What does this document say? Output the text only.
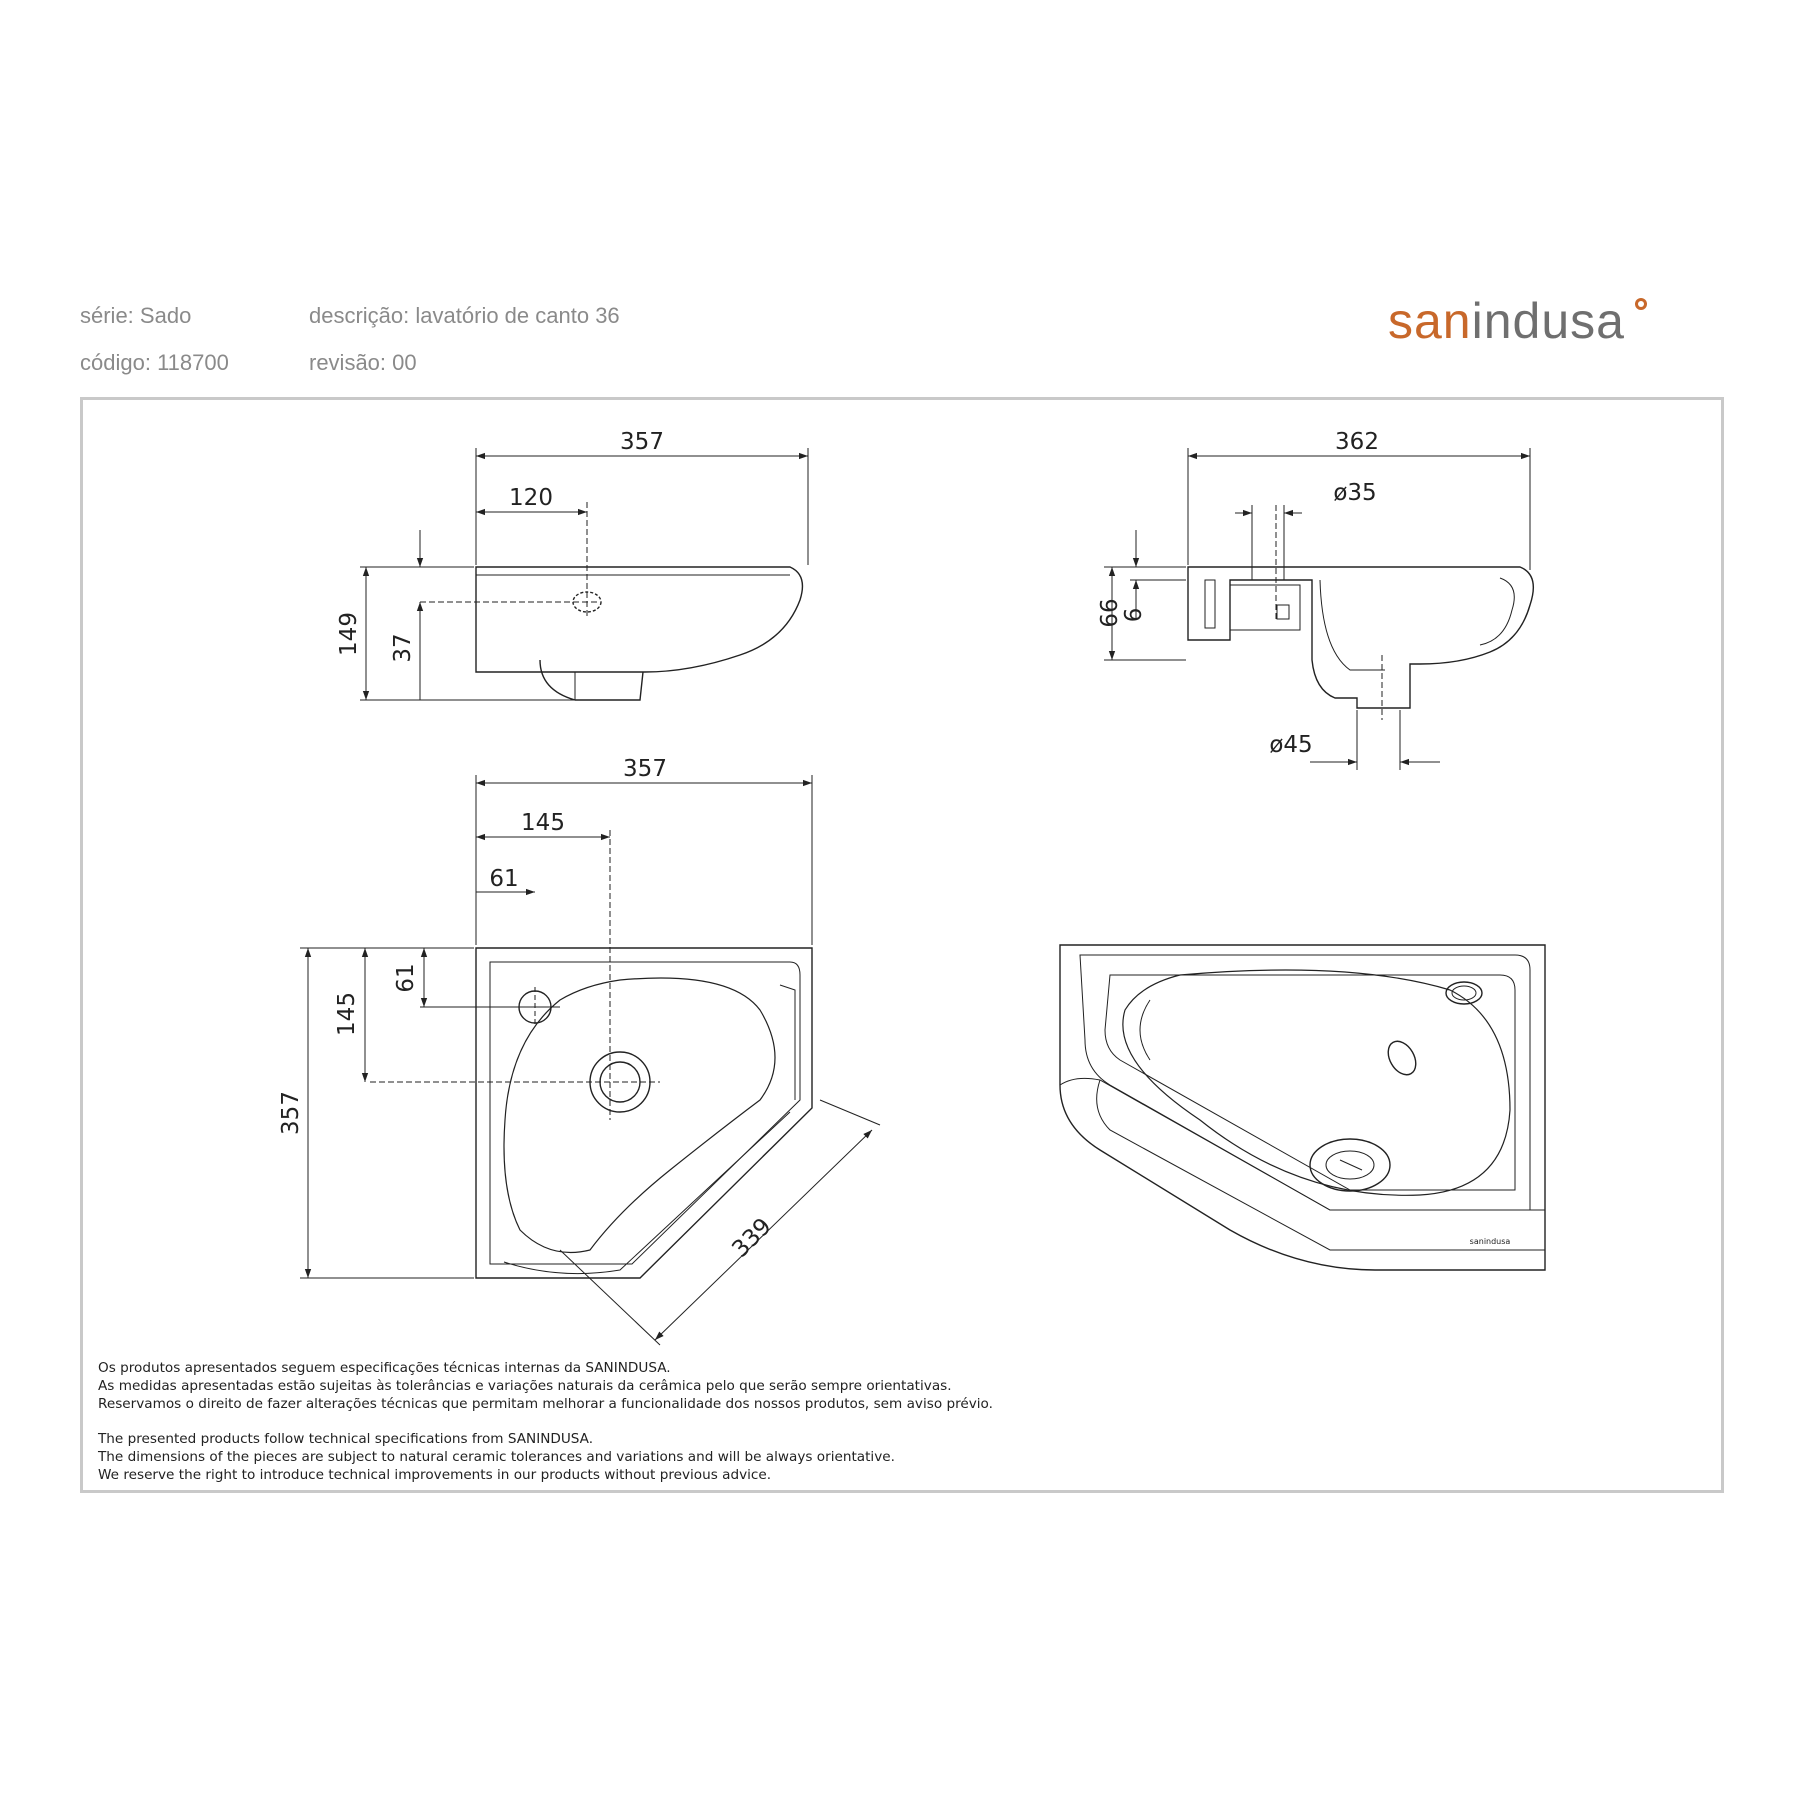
série: Sado	descrição: lavatório de canto 36
código: 118700	revisão: 00
sanindusa
357
120
149 37
362
ø35
99
9
ø45
357
145
61
61
145
357
339	sanindusa

Os produtos apresentados seguem especificações técnicas internas da SANINDUSA.

As medidas apresentadas estão sujeitas às tolerâncias e variações naturais da cerâmica pelo que serão sempre orientativas.

Reservamos o direito de fazer alterações técnicas que permitam melhorar a funcionalidade dos nossos produtos, sem aviso prévio.

The presented products follow technical specifications from SANINDUSA.

The dimensions of the pieces are subject to natural ceramic tolerances and variations and will be always orientative.

We reserve the right to introduce technical improvements in our products without previous advice.
